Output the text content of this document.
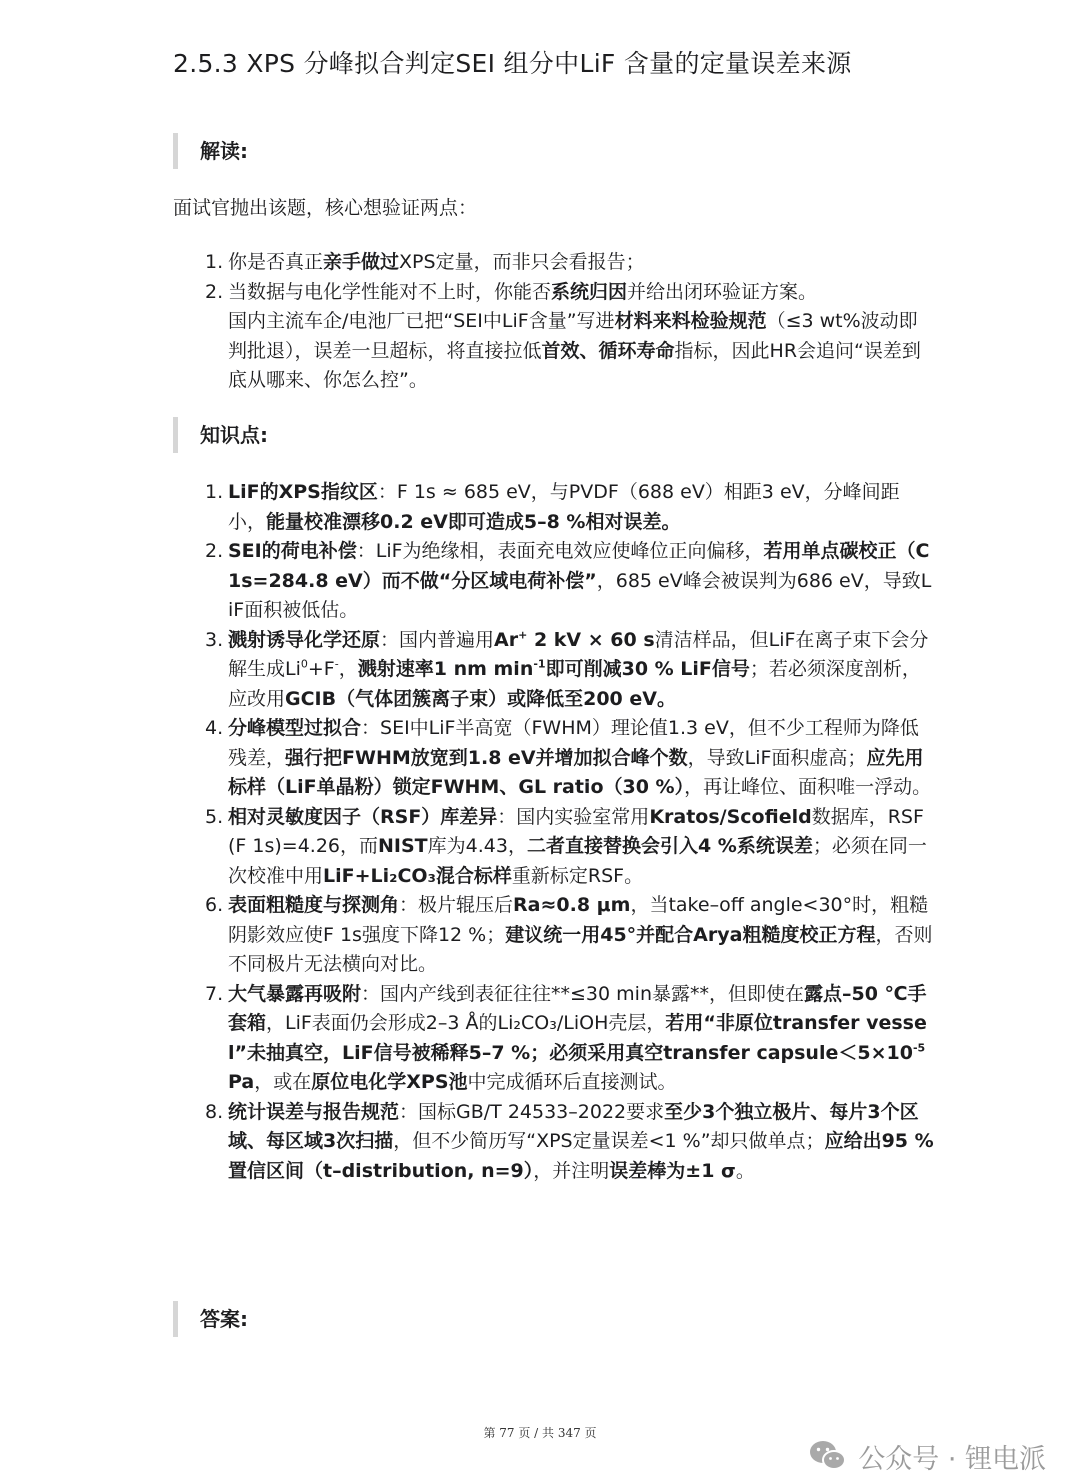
2.5.3 XPS 分峰拟合判定SEI 组分中LiF 含量的定量误差来源
解读:

面试官抛出该题，核心想验证两点：

1. 你是否真正亲手做过XPS定量，而非只会看报告；
2. 当数据与电化学性能对不上时，你能否系统归因并给出闭环验证方案。
国内主流车企/电池厂已把“SEI中LiF含量”写进材料来料检验规范（≤3 wt%波动即判批退），误差一旦超标，将直接拉低首效、循环寿命指标，因此HR会追问“误差到底从哪来、你怎么控”。
知识点:
1. LiF的XPS指纹区：F 1s ≈ 685 eV，与PVDF（688 eV）相距3 eV，分峰间距小，能量校准漂移0.2 eV即可造成5–8 %相对误差。
2. SEI的荷电补偿：LiF为绝缘相，表面充电效应使峰位正向偏移，若用单点碳校正（C 1s=284.8 eV）而不做“分区域电荷补偿”，685 eV峰会被误判为686 eV，导致LiF面积被低估。
3. 溅射诱导化学还原：国内普遍用Ar+ 2 kV × 60 s清洁样品，但LiF在离子束下会分解生成$Li^0+F^-$，溅射速率1 nm $\min^{-1}$即可削减30 % LiF信号；若必须深度剖析，应改用GCIB（气体团簇离子束）或降低至200 eV。
4. 分峰模型过拟合：SEI中LiF半高宽（FWHM）理论值1.3 eV，但不少工程师为降低残差，强行把FWHM放宽到1.8 eV并增加拟合峰个数，导致LiF面积虚高；应先用标样（LiF单晶粉）锁定FWHM、GL ratio（30 %），再让峰位、面积唯一浮动。
5. 相对灵敏度因子（RSF）库差异：国内实验室常用Kratos/Scofield数据库，RSF(F 1s)=4.26，而NIST库为4.43，二者直接替换会引入4 %系统误差；必须在同一次校准中用LiF+Li₂CO₃混合标样重新标定RSF。
6. 表面粗糙度与探测角：极片辊压后Ra≈0.8 μm，当take–off angle<30°时，粗糙阴影效应使F 1s强度下降12 %；建议统一用45°并配合Arya粗糙度校正方程，否则不同极片无法横向对比。
7. 大气暴露再吸附：国内产线到表征往往**≤30 min暴露**，但即使在露点–50 ℃手套箱，LiF表面仍会形成2–3 Å的Li₂CO₃/LiOH壳层，若用“非原位transfer vessel”未抽真空，LiF信号被稀释5–7 %；必须采用真空transfer $capsule<5\times 10^{-5}$ Pa，或在原位电化学XPS池中完成循环后直接测试。
8. 统计误差与报告规范：国标GB/T 24533–2022要求至少3个独立极片、每片3个区域、每区域3次扫描，但不少简历写“XPS定量误差<1 %”却只做单点；应给出95 %置信区间（t–distribution, n=9），并注明误差棒为±1 σ。
答案:
第 77 页 / 共 347 页
公众号 · 锂电派
